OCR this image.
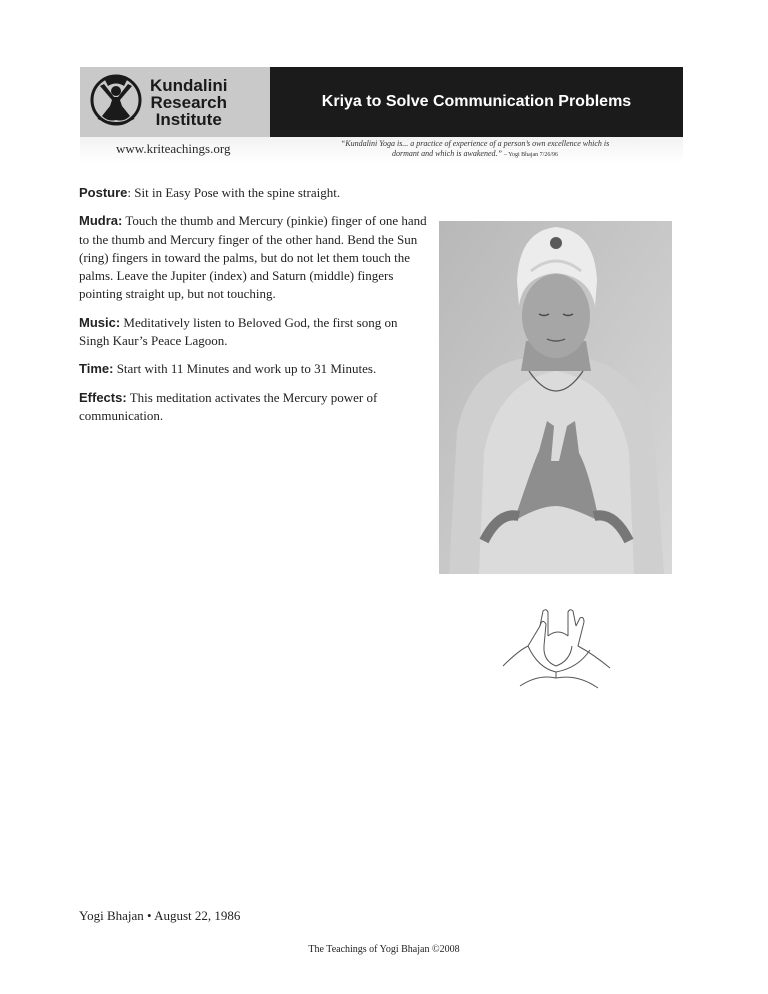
Kundalini
Research
Institute
Kriya to Solve Communication Problems
www.kriteachings.org	“Kundalini Yoga is... a practice of experience of a person’s own excellence which is dormant and which is awakened.” – Yogi Bhajan 7/26/96

Posture: Sit in Easy Pose with the spine straight.

Mudra: Touch the thumb and Mercury (pinkie) finger of one hand to the thumb and Mercury finger of the other hand. Bend the Sun (ring) fingers in toward the palms, but do not let them touch the palms. Leave the Jupiter (index) and Saturn (middle) fingers pointing straight up, but not touching.

Music: Meditatively listen to Beloved God, the first song on Singh Kaur’s Peace Lagoon.

Time: Start with 11 Minutes and work up to 31 Minutes.

Effects: This meditation activates the Mercury power of communication.

Yogi Bhajan • August 22, 1986
The Teachings of Yogi Bhajan ©2008
